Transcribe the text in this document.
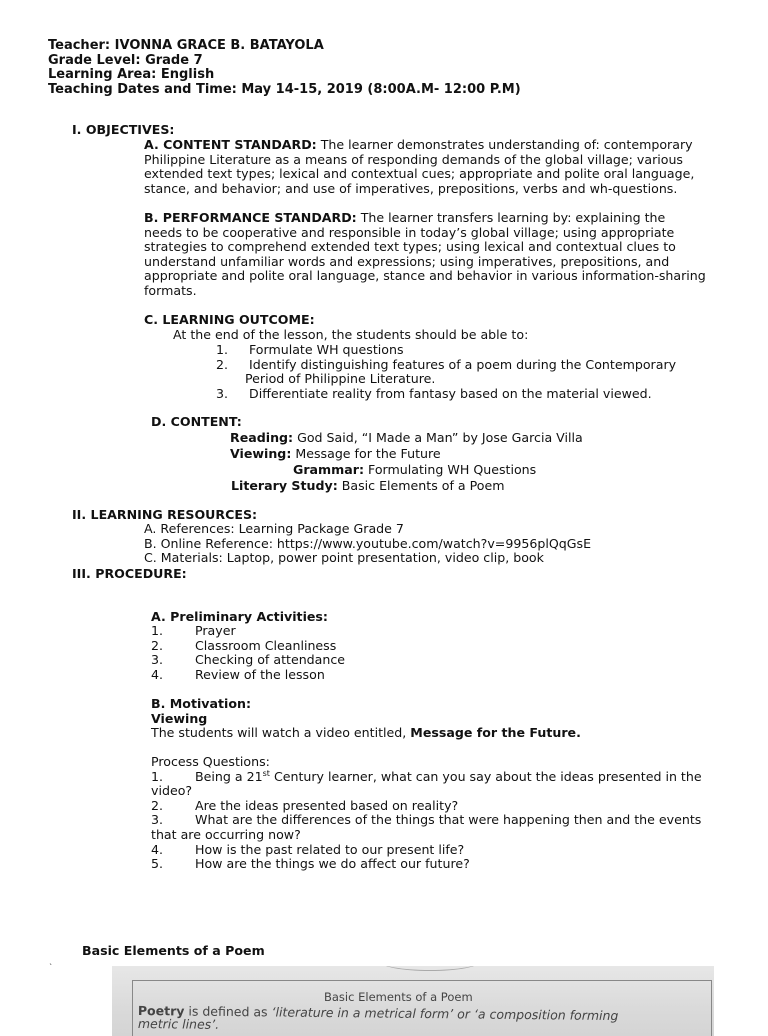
Teacher: IVONNA GRACE B. BATAYOLA

Grade Level: Grade 7

Learning Area: English

Teaching Dates and Time: May 14-15, 2019 (8:00A.M- 12:00 P.M)

I. OBJECTIVES:

A. CONTENT STANDARD: The learner demonstrates understanding of: contemporary

Philippine Literature as a means of responding demands of the global village; various

extended text types; lexical and contextual cues; appropriate and polite oral language,

stance, and behavior; and use of imperatives, prepositions, verbs and wh-questions.

B. PERFORMANCE STANDARD: The learner transfers learning by: explaining the

needs to be cooperative and responsible in today’s global village; using appropriate

strategies to comprehend extended text types; using lexical and contextual clues to

understand unfamiliar words and expressions; using imperatives, prepositions, and

appropriate and polite oral language, stance and behavior in various information-sharing

formats.

C. LEARNING OUTCOME:
At the end of the lesson, the students should be able to:

1.	Formulate WH questions

2.	Identify distinguishing features of a poem during the Contemporary

Period of Philippine Literature.

3.	Differentiate reality from fantasy based on the material viewed.

D. CONTENT:

Reading: God Said, “I Made a Man” by Jose Garcia Villa

Viewing: Message for the Future

Grammar: Formulating WH Questions

Literary Study: Basic Elements of a Poem

II. LEARNING RESOURCES:

A. References: Learning Package Grade 7

B. Online Reference: https://www.youtube.com/watch?v=9956plQqGsE

C. Materials: Laptop, power point presentation, video clip, book

III. PROCEDURE:
A. Preliminary Activities:

1.	Prayer

2.	Classroom Cleanliness

3.	Checking of attendance

4.	Review of the lesson

B. Motivation:

Viewing

The students will watch a video entitled, Message for the Future.

Process Questions:

1.	Being a 21st Century learner, what can you say about the ideas presented in the

video?

2.	Are the ideas presented based on reality?

3.	What are the differences of the things that were happening then and the events

that are occurring now?

4.	How is the past related to our present life?

5.	How are the things we do affect our future?

Basic Elements of a Poem
`
Basic Elements of a Poem
Poetry is defined as ‘literature in a metrical form’ or ‘a composition forming
metric lines’.
